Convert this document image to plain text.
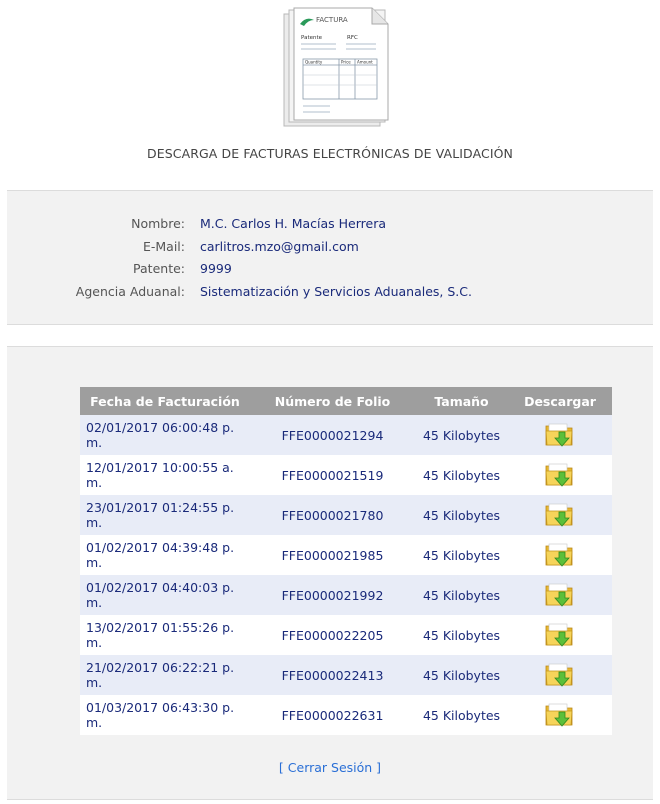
FACTURA
Patente	RFC
Quantity	Price Amount
DESCARGA DE FACTURAS ELECTRÓNICAS DE VALIDACIÓN
Nombre: M.C. Carlos H. Macías Herrera
E-Mail: carlitros.mzo@gmail.com
Patente: 9999
Agencia Aduanal: Sistematización y Servicios Aduanales, S.C.
Fecha de Facturación	Número de Folio	Tamaño	Descargar
02/01/2017 06:00:48 p. m.	FFE0000021294	45 Kilobytes	
12/01/2017 10:00:55 a. m.	FFE0000021519	45 Kilobytes	
23/01/2017 01:24:55 p. m.	FFE0000021780	45 Kilobytes	
01/02/2017 04:39:48 p. m.	FFE0000021985	45 Kilobytes	
01/02/2017 04:40:03 p. m.	FFE0000021992	45 Kilobytes	
13/02/2017 01:55:26 p. m.	FFE0000022205	45 Kilobytes	
21/02/2017 06:22:21 p. m.	FFE0000022413	45 Kilobytes	
01/03/2017 06:43:30 p. m.	FFE0000022631	45 Kilobytes	
[ Cerrar Sesión ]
